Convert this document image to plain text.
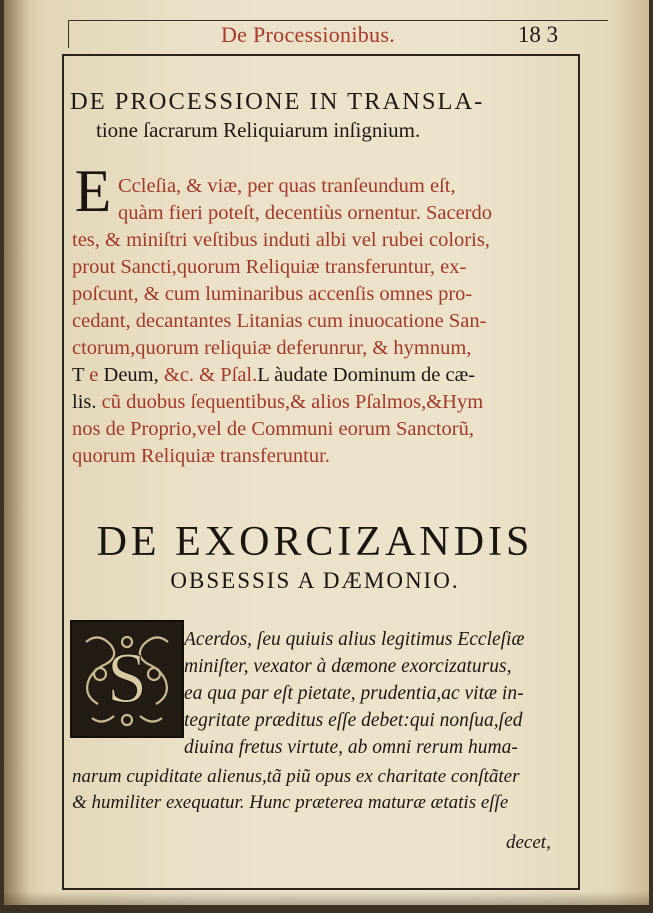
De Processionibus.	18 3
DE PROCESSIONE IN TRANSLA-
tione ſacrarum Reliquiarum inſignium.
E Ccleſia, & viæ, per quas tranſeundum eſt,
quàm fieri poteſt, decentiùs ornentur. Sacerdo
tes, & miniſtri veſtibus induti albi vel rubei coloris,
prout Sancti,quorum Reliquiæ transferuntur, ex-
poſcunt, & cum luminaribus accenſis omnes pro-
cedant, decantantes Litanias cum inuocatione San-
ctorum,quorum reliquiæ deferunrur, & hymnum,
T e Deum, &c. & Pſal.L àudate Dominum de cæ-
lis. cũ duobus ſequentibus,& alios Pſalmos,&Hym
nos de Proprio,vel de Communi eorum Sanctorũ,
quorum Reliquiæ transferuntur.
DE EXORCIZANDIS
OBSESSIS A DÆMONIO.
S Acerdos, ſeu quiuis alius legitimus Eccleſiæ
miniſter, vexator à dæmone exorcizaturus,
ea qua par eſt pietate, prudentia,ac vitæ in-
tegritate præditus eſſe debet:qui nonſua,ſed
diuina fretus virtute, ab omni rerum huma-
narum cupiditate alienus,tã piũ opus ex charitate conſtãter
& humiliter exequatur. Hunc præterea maturæ ætatis eſſe
decet,
